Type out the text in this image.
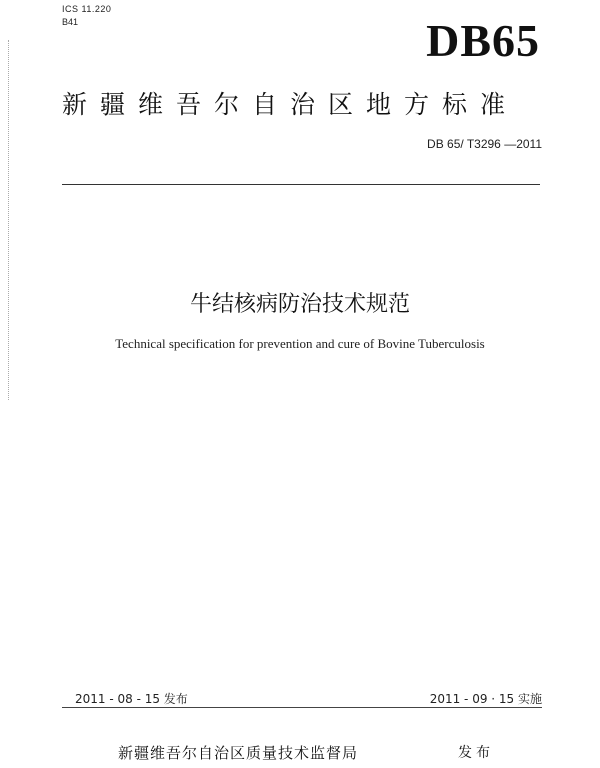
ICS 11.220
B41	DB65
新疆维吾尔自治区地方标准
DB 65/ T3296 —2011
牛结核病防治技术规范
Technical specification for prevention and cure of Bovine Tuberculosis
2011 - 08 - 15 发布	2011 - 09 · 15 实施
新疆维吾尔自治区质量技术监督局	发布
